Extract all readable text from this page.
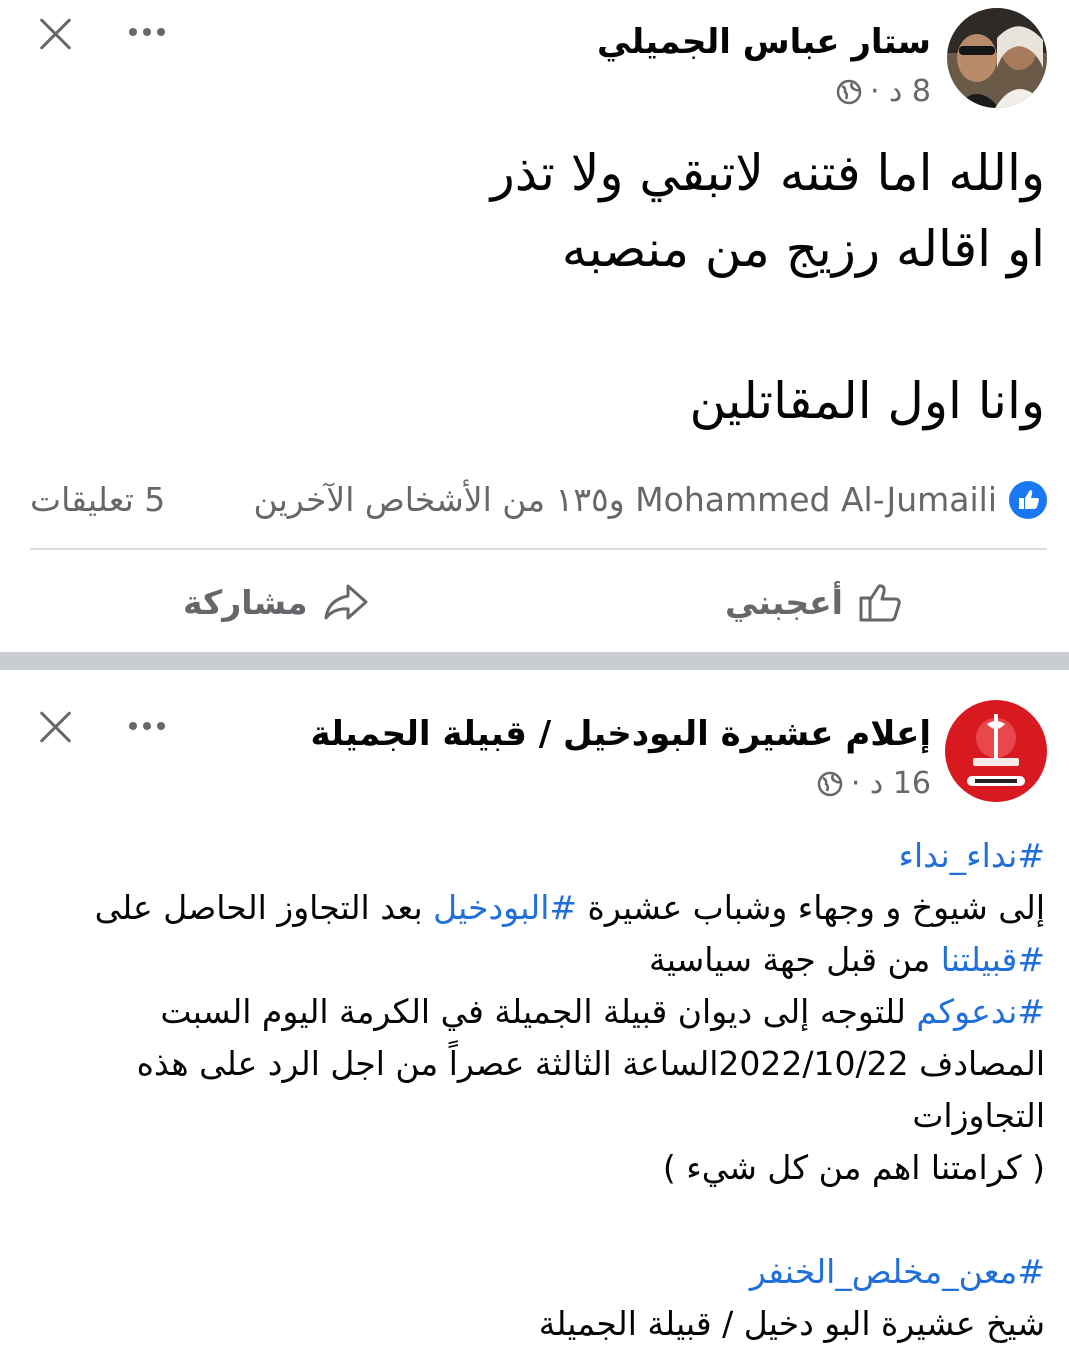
ستار عباس الجميلي
8 د ·

والله اما فتنه لاتبقي ولا تذر

او اقاله رزيج من منصبه

وانا اول المقاتلين

Mohammed Al-Jumaili و١٣٥ من الأشخاص الآخرين
5 تعليقات
أعجبني
مشاركة
إعلام عشيرة البودخيل / قبيلة الجميلة
16 د ·
#نداء_نداء
إلى شيوخ و وجهاء وشباب عشيرة #البودخيل بعد التجاوز الحاصل على
#قبيلتنا من قبل جهة سياسية
#ندعوكم للتوجه إلى ديوان قبيلة الجميلة في الكرمة اليوم السبت
المصادف 2022/10/22الساعة الثالثة عصراً من اجل الرد على هذه
التجاوزات
( كرامتنا اهم من كل شيء )
#معن_مخلص_الخنفر
شيخ عشيرة البو دخيل / قبيلة الجميلة
